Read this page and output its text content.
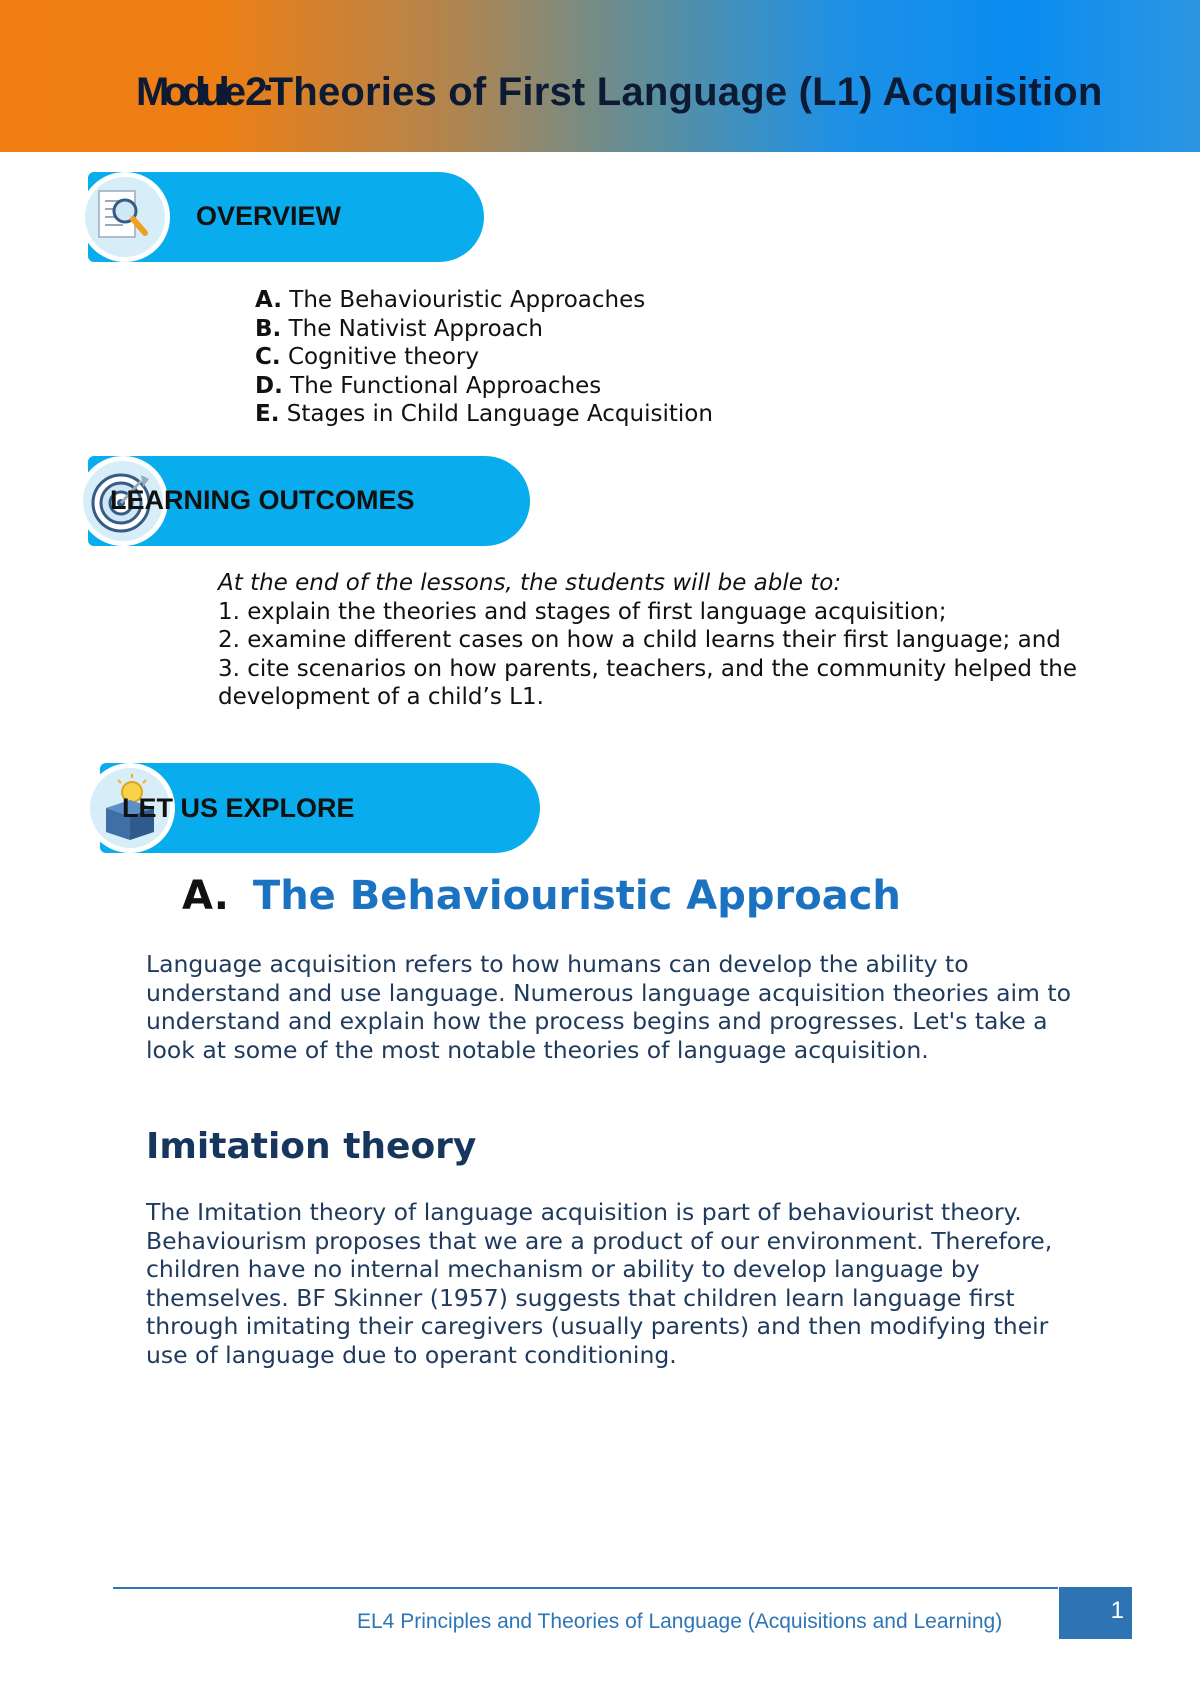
Module 2:Theories of First Language (L1) Acquisition
OVERVIEW
A. The Behaviouristic Approaches
B. The Nativist Approach
C. Cognitive theory
D. The Functional Approaches
E. Stages in Child Language Acquisition
LEARNING OUTCOMES
At the end of the lessons, the students will be able to:
1. explain the theories and stages of first language acquisition;
2. examine different cases on how a child learns their first language; and
3. cite scenarios on how parents, teachers, and the community helped the development of a child’s L1.
LET US EXPLORE
A. The Behaviouristic Approach
Language acquisition refers to how humans can develop the ability to understand and use language. Numerous language acquisition theories aim to understand and explain how the process begins and progresses. Let's take a look at some of the most notable theories of language acquisition.
Imitation theory
The Imitation theory of language acquisition is part of behaviourist theory. Behaviourism proposes that we are a product of our environment. Therefore, children have no internal mechanism or ability to develop language by themselves. BF Skinner (1957) suggests that children learn language first through imitating their caregivers (usually parents) and then modifying their use of language due to operant conditioning.
EL4 Principles and Theories of Language (Acquisitions and Learning)	1
